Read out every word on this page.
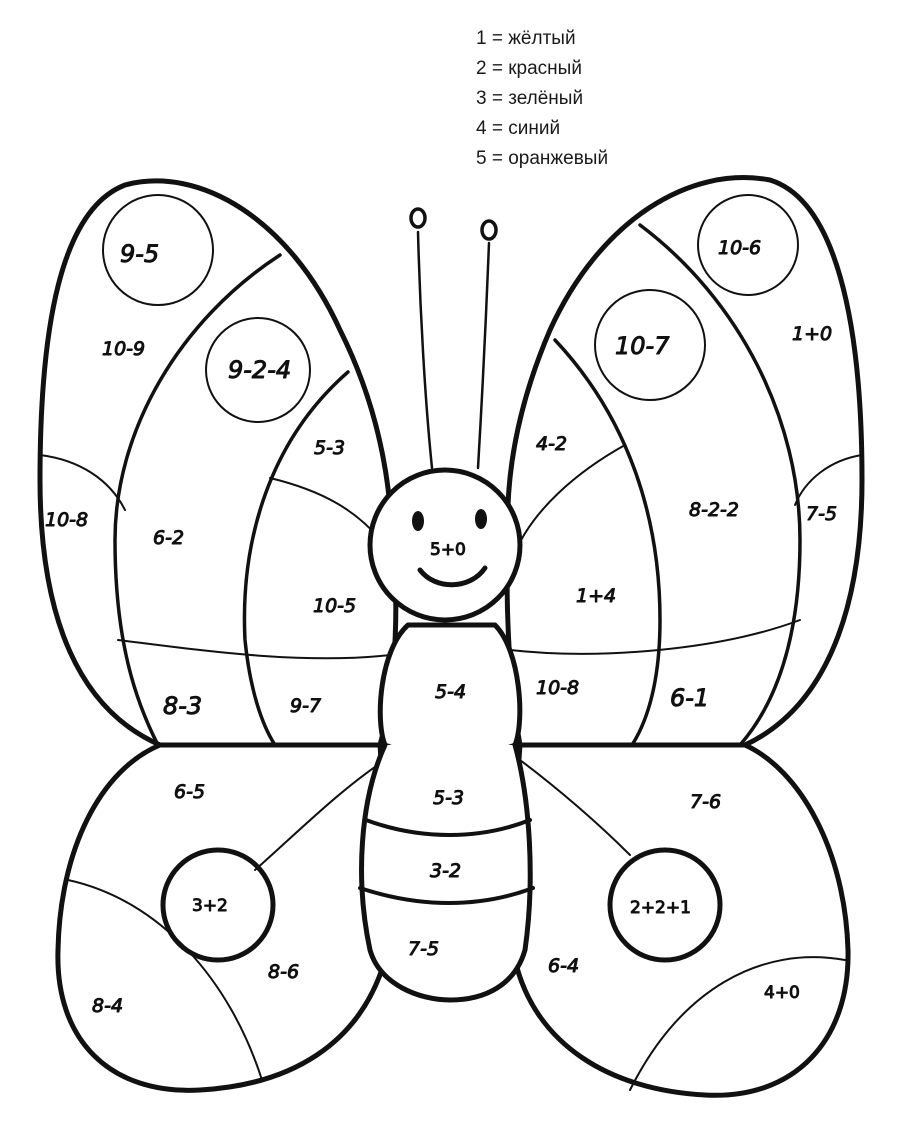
1 = жёлтый
2 = красный
3 = зелёный
4 = синий
5 = оранжевый
9-5
10-9
9-2-4
5-3
10-8
6-2
10-5
8-3	9-7
10-6
1+0
10-7
4-2
8-2-2	7-5
1+4
10-8	6-1
5+0
5-4
5-3
3-2
7-5
6-5
3+2
8-6
8-4
7-6
2+2+1
6-4
4+0
